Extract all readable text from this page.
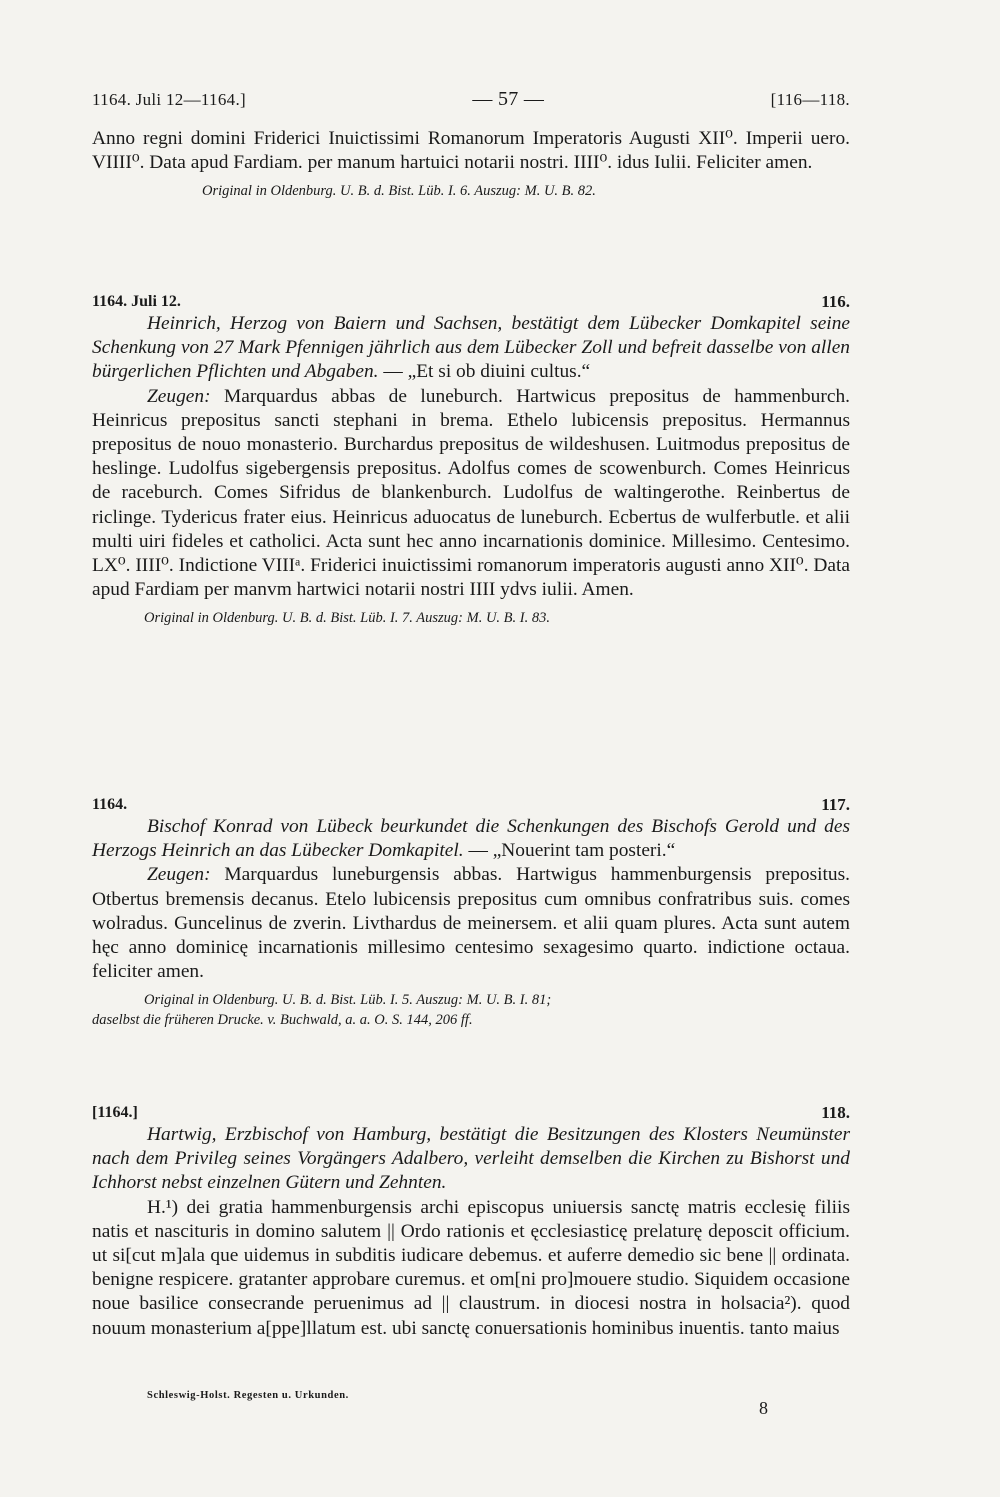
1164. Juli 12—1164.]	— 57 —	[116—118.

Anno regni domini Friderici Inuictissimi Romanorum Imperatoris Augusti XII⁰. Imperii uero. VIIII⁰. Data apud Fardiam. per manum hartuici notarii nostri. IIII⁰. idus Iulii. Feliciter amen.

Original in Oldenburg. U. B. d. Bist. Lüb. I. 6. Auszug: M. U. B. 82.

1164. Juli 12.	116.

Heinrich, Herzog von Baiern und Sachsen, bestätigt dem Lübecker Domkapitel seine Schenkung von 27 Mark Pfennigen jährlich aus dem Lübecker Zoll und befreit dasselbe von allen bürgerlichen Pflichten und Abgaben. — „Et si ob diuini cultus.“

Zeugen: Marquardus abbas de luneburch. Hartwicus prepositus de hammenburch. Heinricus prepositus sancti stephani in brema. Ethelo lubicensis prepositus. Hermannus prepositus de nouo monasterio. Burchardus prepositus de wildeshusen. Luitmodus prepositus de heslinge. Ludolfus sigebergensis prepositus. Adolfus comes de scowenburch. Comes Heinricus de raceburch. Comes Sifridus de blankenburch. Ludolfus de waltingerothe. Reinbertus de riclinge. Tydericus frater eius. Heinricus aduocatus de luneburch. Ecbertus de wulferbutle. et alii multi uiri fideles et catholici. Acta sunt hec anno incarnationis dominice. Millesimo. Centesimo. LX⁰. IIII⁰. Indictione VIIIᵃ. Friderici inuictissimi romanorum imperatoris augusti anno XII⁰. Data apud Fardiam per manvm hartwici notarii nostri IIII ydvs iulii. Amen.

Original in Oldenburg. U. B. d. Bist. Lüb. I. 7. Auszug: M. U. B. I. 83.

1164.	117.

Bischof Konrad von Lübeck beurkundet die Schenkungen des Bischofs Gerold und des Herzogs Heinrich an das Lübecker Domkapitel. — „Nouerint tam posteri.“

Zeugen: Marquardus luneburgensis abbas. Hartwigus hammenburgensis prepositus. Otbertus bremensis decanus. Etelo lubicensis prepositus cum omnibus confratribus suis. comes wolradus. Guncelinus de zverin. Livthardus de meinersem. et alii quam plures. Acta sunt autem hęc anno dominicę incarnationis millesimo centesimo sexagesimo quarto. indictione octaua. feliciter amen.

Original in Oldenburg. U. B. d. Bist. Lüb. I. 5. Auszug: M. U. B. I. 81;

daselbst die früheren Drucke. v. Buchwald, a. a. O. S. 144, 206 ff.

[1164.]	118.

Hartwig, Erzbischof von Hamburg, bestätigt die Besitzungen des Klosters Neumünster nach dem Privileg seines Vorgängers Adalbero, verleiht demselben die Kirchen zu Bishorst und Ichhorst nebst einzelnen Gütern und Zehnten.

H.¹) dei gratia hammenburgensis archi episcopus uniuersis sanctę matris ecclesię filiis natis et nascituris in domino salutem || Ordo rationis et ęcclesiasticę prelaturę deposcit officium. ut si[cut m]ala que uidemus in subditis iudicare debemus. et auferre demedio sic bene || ordinata. benigne respicere. gratanter approbare curemus. et om[ni pro]mouere studio. Siquidem occasione noue basilice consecrande peruenimus ad || claustrum. in diocesi nostra in holsacia²). quod nouum monasterium a[ppe]llatum est. ubi sanctę conuersationis hominibus inuentis. tanto maius

Schleswig-Holst. Regesten u. Urkunden.
8
